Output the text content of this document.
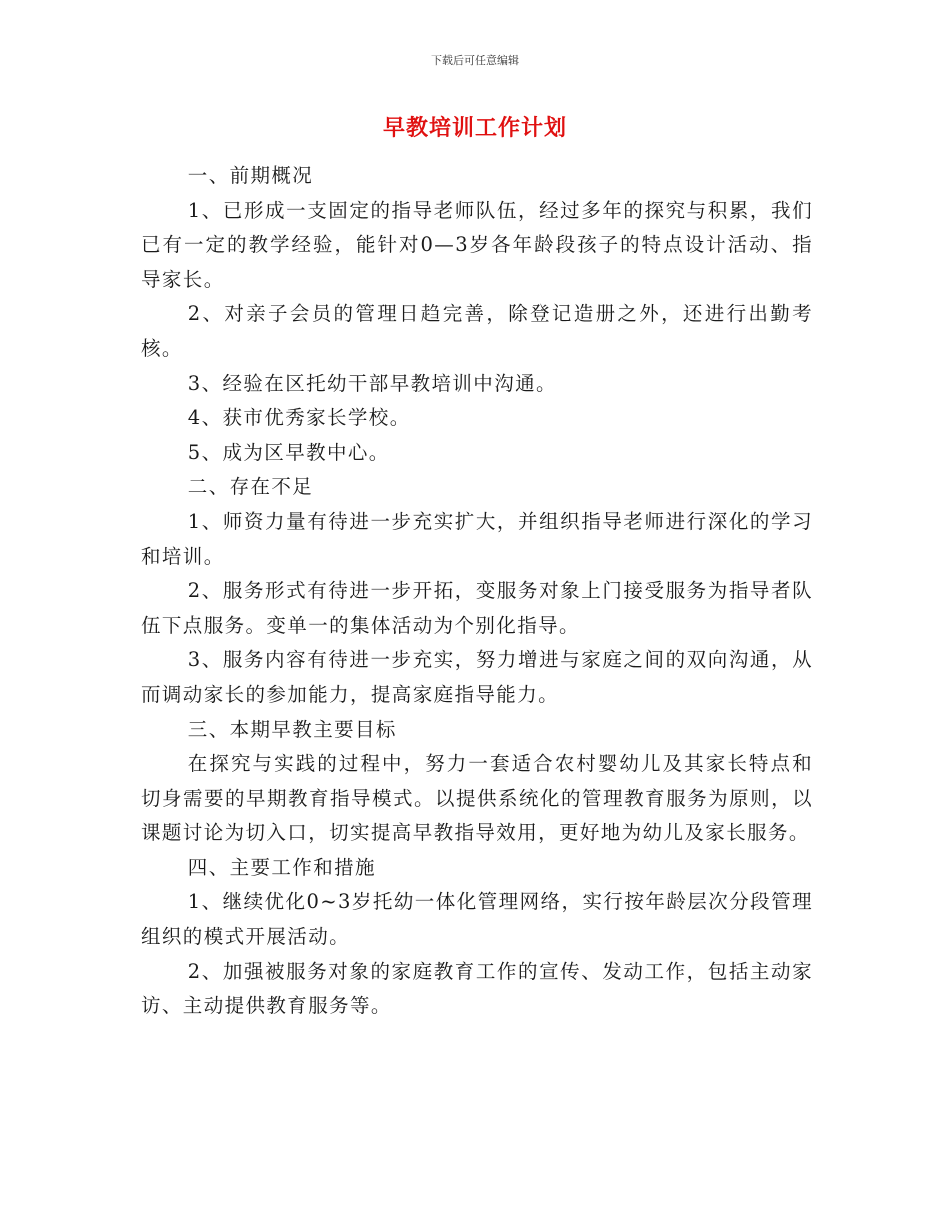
下载后可任意编辑
早教培训工作计划

一、前期概况

1、已形成一支固定的指导老师队伍，经过多年的探究与积累，我们已有一定的教学经验，能针对0—3岁各年龄段孩子的特点设计活动、指导家长。

2、对亲子会员的管理日趋完善，除登记造册之外，还进行出勤考核。

3、经验在区托幼干部早教培训中沟通。

4、获市优秀家长学校。

5、成为区早教中心。

二、存在不足

1、师资力量有待进一步充实扩大，并组织指导老师进行深化的学习和培训。

2、服务形式有待进一步开拓，变服务对象上门接受服务为指导者队伍下点服务。变单一的集体活动为个别化指导。

3、服务内容有待进一步充实，努力增进与家庭之间的双向沟通，从而调动家长的参加能力，提高家庭指导能力。

三、本期早教主要目标

在探究与实践的过程中，努力一套适合农村婴幼儿及其家长特点和切身需要的早期教育指导模式。以提供系统化的管理教育服务为原则，以课题讨论为切入口，切实提高早教指导效用，更好地为幼儿及家长服务。

四、主要工作和措施

1、继续优化0~3岁托幼一体化管理网络，实行按年龄层次分段管理组织的模式开展活动。

2、加强被服务对象的家庭教育工作的宣传、发动工作，包括主动家访、主动提供教育服务等。
